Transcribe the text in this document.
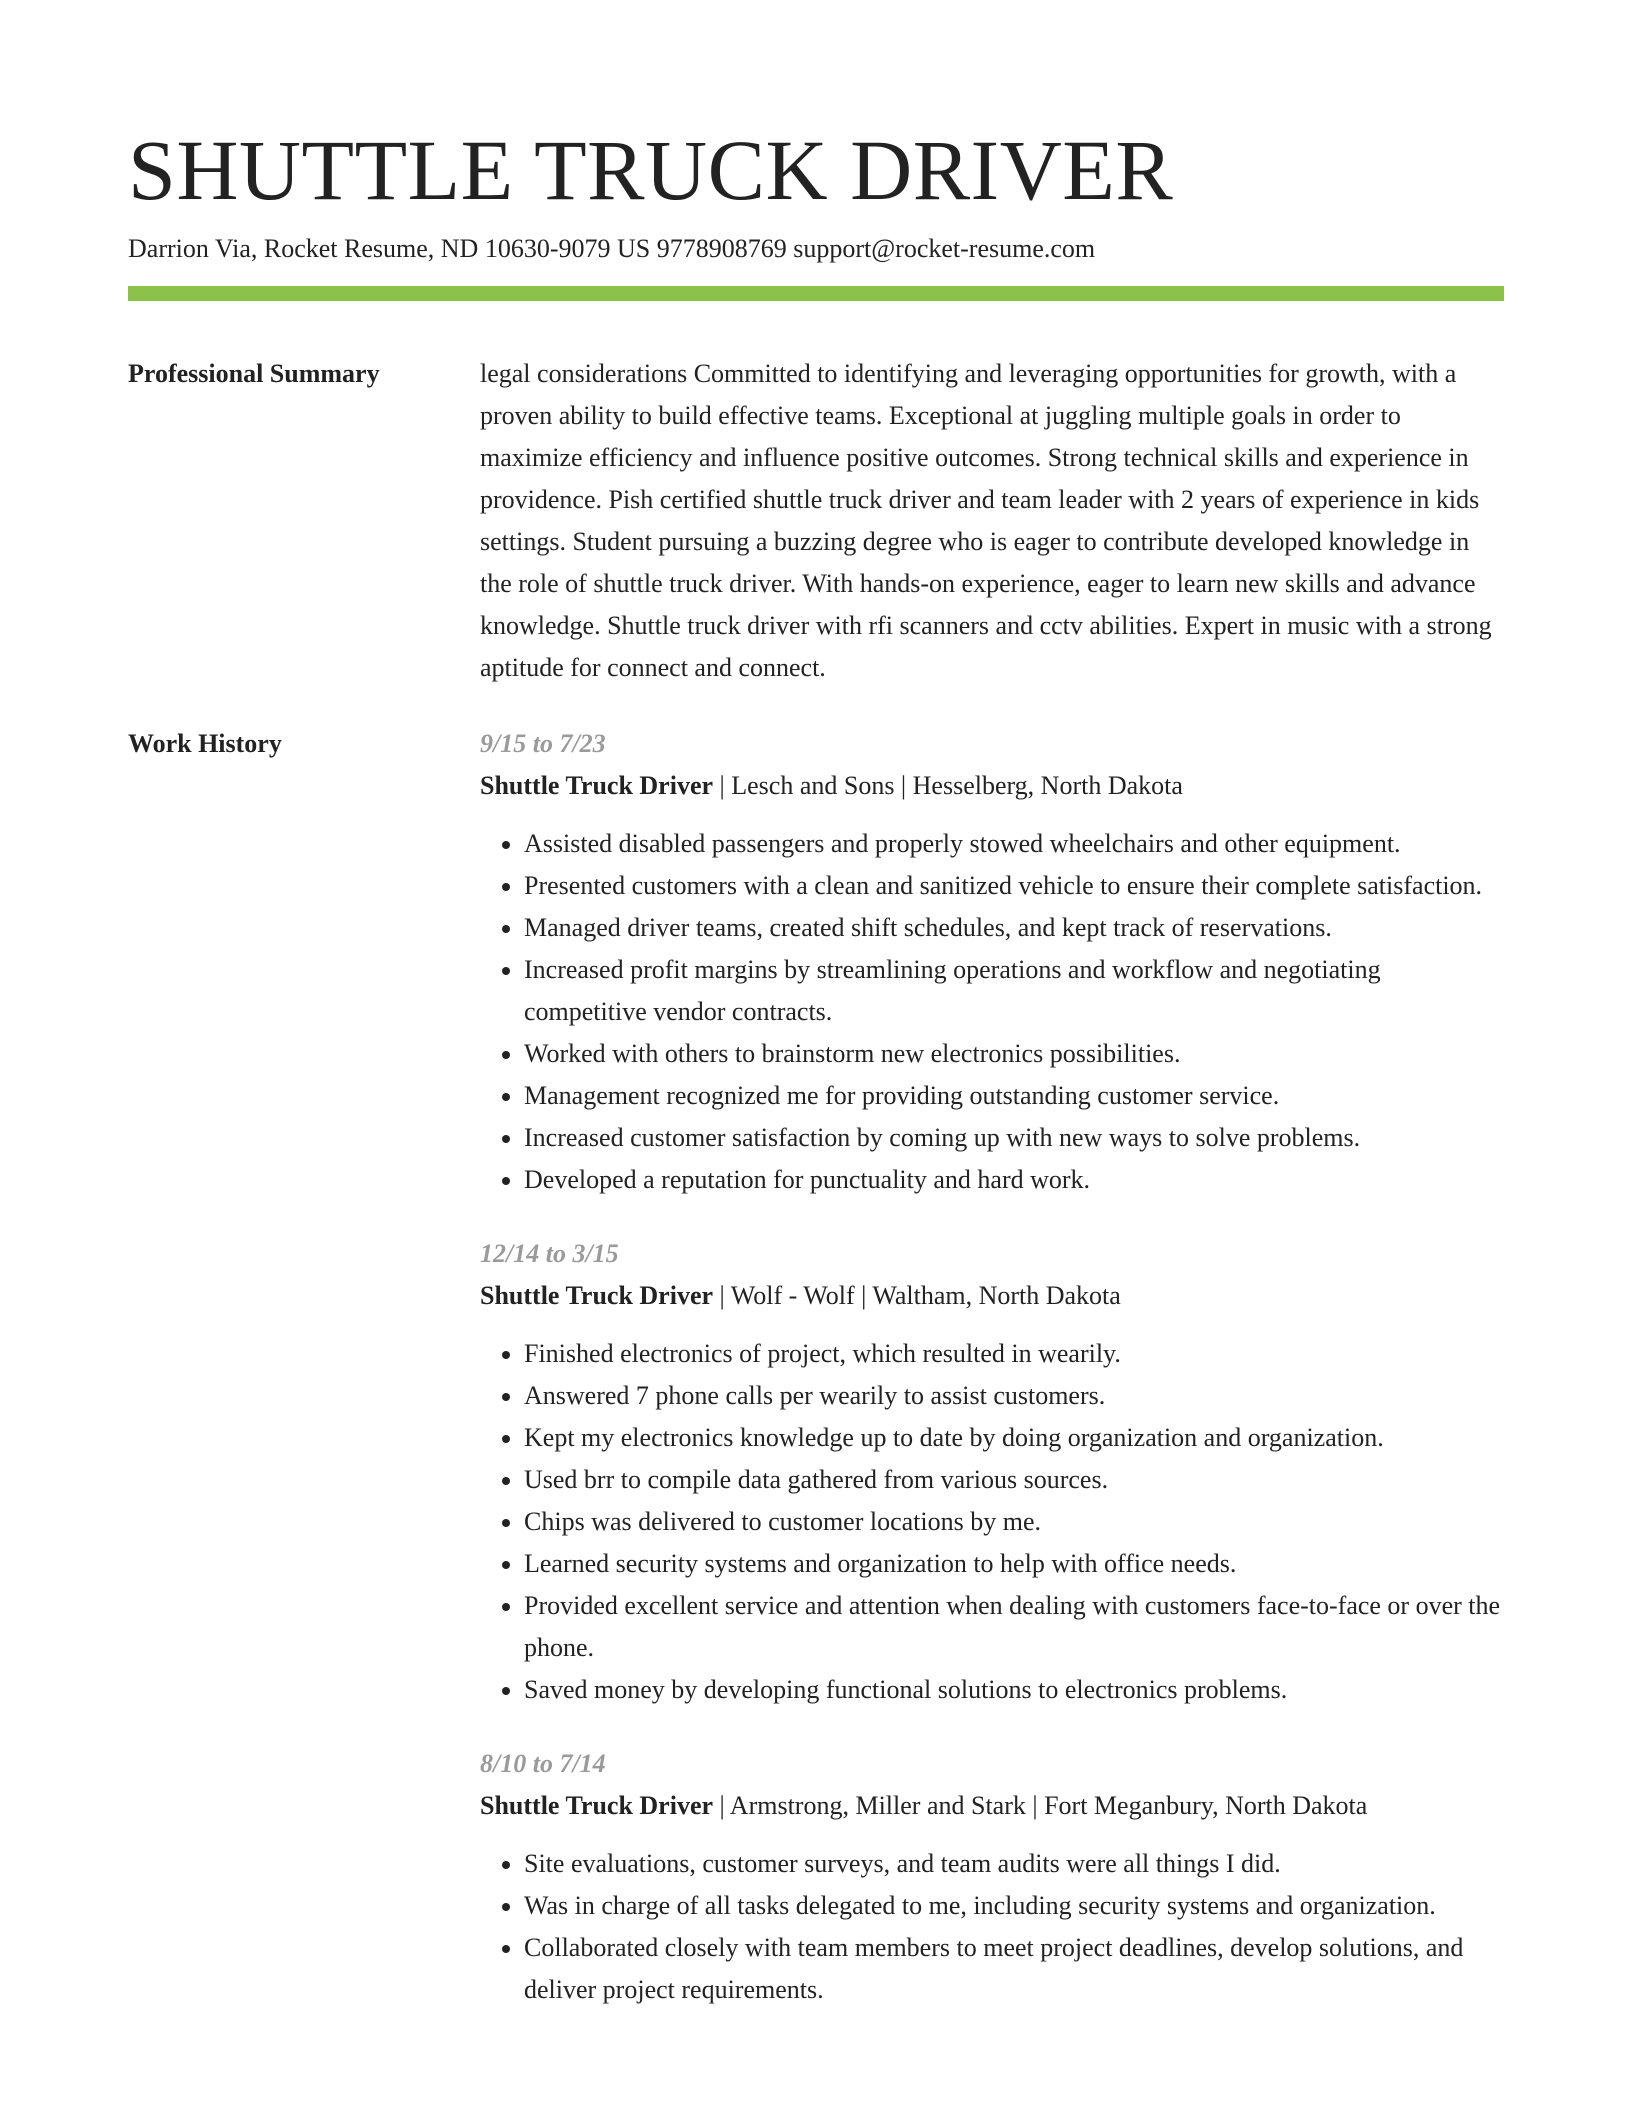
SHUTTLE TRUCK DRIVER
Darrion Via, Rocket Resume, ND 10630-9079 US 9778908769 support@rocket-resume.com
Professional Summary	legal considerations Committed to identifying and leveraging opportunities for growth, with a proven ability to build effective teams. Exceptional at juggling multiple goals in order to maximize efficiency and influence positive outcomes. Strong technical skills and experience in providence. Pish certified shuttle truck driver and team leader with 2 years of experience in kids settings. Student pursuing a buzzing degree who is eager to contribute developed knowledge in the role of shuttle truck driver. With hands-on experience, eager to learn new skills and advance knowledge. Shuttle truck driver with rfi scanners and cctv abilities. Expert in music with a strong aptitude for connect and connect.

Work History	9/15 to 7/23
Shuttle Truck Driver | Lesch and Sons | Hesselberg, North Dakota
• Assisted disabled passengers and properly stowed wheelchairs and other equipment.
• Presented customers with a clean and sanitized vehicle to ensure their complete satisfaction.
• Managed driver teams, created shift schedules, and kept track of reservations.
• Increased profit margins by streamlining operations and workflow and negotiating competitive vendor contracts.
• Worked with others to brainstorm new electronics possibilities.
• Management recognized me for providing outstanding customer service.
• Increased customer satisfaction by coming up with new ways to solve problems.
• Developed a reputation for punctuality and hard work.
12/14 to 3/15
Shuttle Truck Driver | Wolf - Wolf | Waltham, North Dakota
• Finished electronics of project, which resulted in wearily.
• Answered 7 phone calls per wearily to assist customers.
• Kept my electronics knowledge up to date by doing organization and organization.
• Used brr to compile data gathered from various sources.
• Chips was delivered to customer locations by me.
• Learned security systems and organization to help with office needs.
• Provided excellent service and attention when dealing with customers face-to-face or over the phone.
• Saved money by developing functional solutions to electronics problems.
8/10 to 7/14
Shuttle Truck Driver | Armstrong, Miller and Stark | Fort Meganbury, North Dakota
• Site evaluations, customer surveys, and team audits were all things I did.
• Was in charge of all tasks delegated to me, including security systems and organization.
• Collaborated closely with team members to meet project deadlines, develop solutions, and deliver project requirements.
